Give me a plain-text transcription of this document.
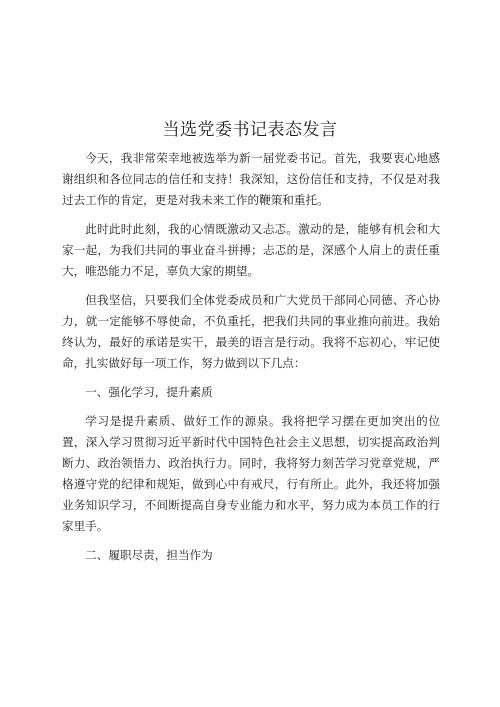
当选党委书记表态发言

今天，我非常荣幸地被选举为新一届党委书记。首先，我要衷心地感谢组织和各位同志的信任和支持！我深知，这份信任和支持，不仅是对我过去工作的肯定，更是对我未来工作的鞭策和重托。

此时此时此刻，我的心情既激动又忐忑。激动的是，能够有机会和大家一起，为我们共同的事业奋斗拼搏；忐忑的是，深感个人肩上的责任重大，唯恐能力不足，辜负大家的期望。

但我坚信，只要我们全体党委成员和广大党员干部同心同德、齐心协力，就一定能够不辱使命，不负重托，把我们共同的事业推向前进。我始终认为，最好的承诺是实干，最美的语言是行动。我将不忘初心，牢记使命，扎实做好每一项工作，努力做到以下几点：

一、强化学习，提升素质

学习是提升素质、做好工作的源泉。我将把学习摆在更加突出的位置，深入学习贯彻习近平新时代中国特色社会主义思想，切实提高政治判断力、政治领悟力、政治执行力。同时，我将努力刻苦学习党章党规，严格遵守党的纪律和规矩，做到心中有戒尺，行有所止。此外，我还将加强业务知识学习，不间断提高自身专业能力和水平，努力成为本员工作的行家里手。

二、履职尽责，担当作为
